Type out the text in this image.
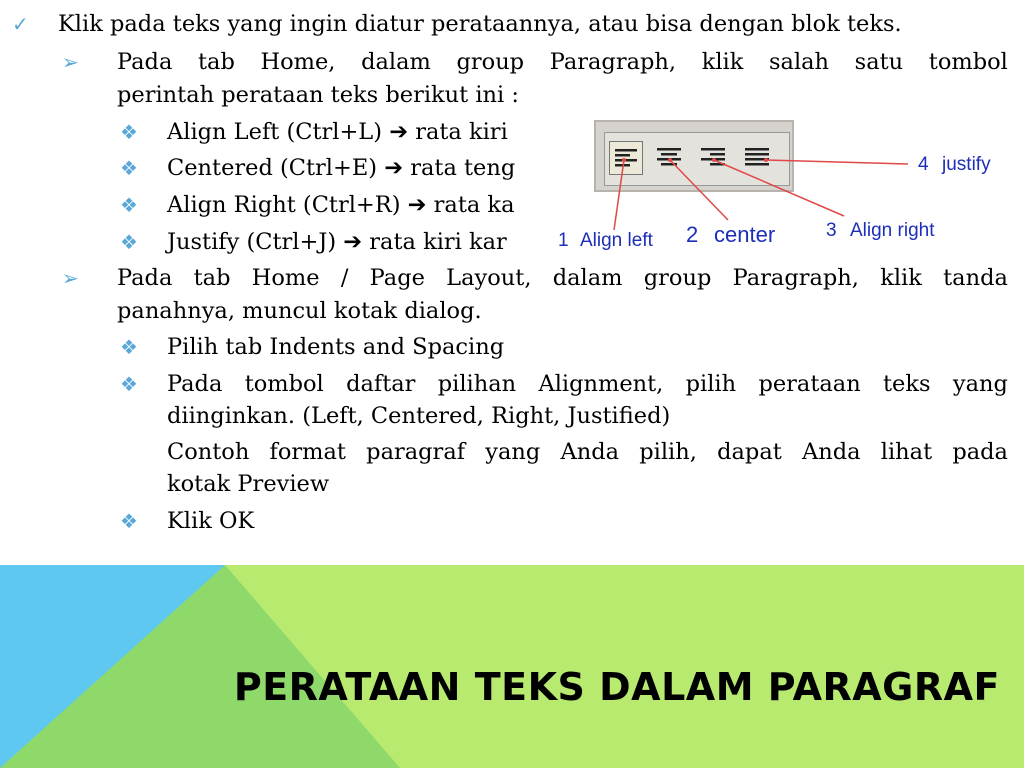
✓ Klik pada teks yang ingin diatur perataannya, atau bisa dengan blok teks.
➢ Pada tab Home, dalam group Paragraph, klik salah satu tombol
perintah perataan teks berikut ini :
❖ Align Left (Ctrl+L) ➔ rata kiri
❖ Centered (Ctrl+E) ➔ rata teng
❖ Align Right (Ctrl+R) ➔ rata ka
❖ Justify (Ctrl+J) ➔ rata kiri kar
4 justify
1 Align left 2 center	3 Align right
➢ Pada tab Home / Page Layout, dalam group Paragraph, klik tanda
panahnya, muncul kotak dialog.
❖ Pilih tab Indents and Spacing
❖ Pada tombol daftar pilihan Alignment, pilih perataan teks yang
diinginkan. (Left, Centered, Right, Justified)
Contoh format paragraf yang Anda pilih, dapat Anda lihat pada
kotak Preview
❖ Klik OK
PERATAAN TEKS DALAM PARAGRAF
